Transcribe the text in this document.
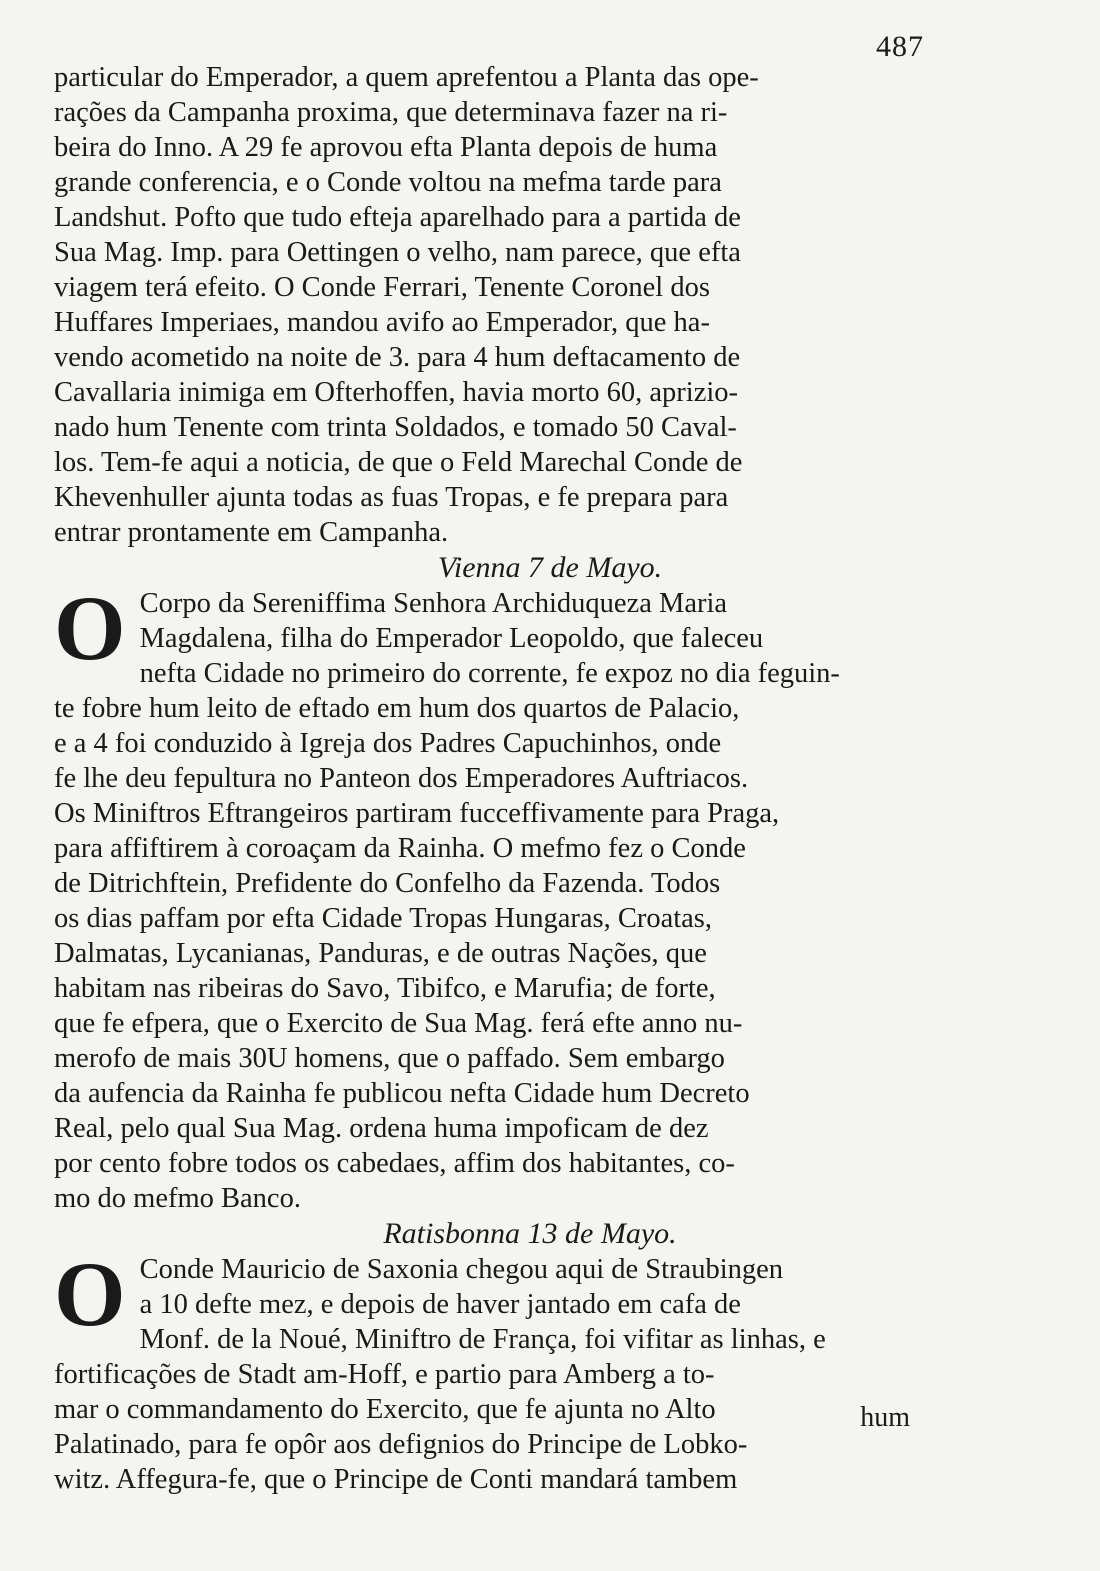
487
particular do Emperador, a quem aprefentou a Planta das ope-
rações da Campanha proxima, que determinava fazer na ri-
beira do Inno. A 29 fe aprovou efta Planta depois de huma
grande conferencia, e o Conde voltou na mefma tarde para
Landshut. Pofto que tudo efteja aparelhado para a partida de
Sua Mag. Imp. para Oettingen o velho, nam parece, que efta
viagem terá efeito. O Conde Ferrari, Tenente Coronel dos
Huffares Imperiaes, mandou avifo ao Emperador, que ha-
vendo acometido na noite de 3. para 4 hum deftacamento de
Cavallaria inimiga em Ofterhoffen, havia morto 60, aprizio-
nado hum Tenente com trinta Soldados, e tomado 50 Caval-
los. Tem-fe aqui a noticia, de que o Feld Marechal Conde de
Khevenhuller ajunta todas as fuas Tropas, e fe prepara para
entrar prontamente em Campanha.
Vienna 7 de Mayo.
O Corpo da Sereniffima Senhora Archiduqueza Maria
Magdalena, filha do Emperador Leopoldo, que faleceu
nefta Cidade no primeiro do corrente, fe expoz no dia feguin-
te fobre hum leito de eftado em hum dos quartos de Palacio,
e a 4 foi conduzido à Igreja dos Padres Capuchinhos, onde
fe lhe deu fepultura no Panteon dos Emperadores Auftriacos.
Os Miniftros Eftrangeiros partiram fucceffivamente para Praga,
para affiftirem à coroaçam da Rainha. O mefmo fez o Conde
de Ditrichftein, Prefidente do Confelho da Fazenda. Todos
os dias paffam por efta Cidade Tropas Hungaras, Croatas,
Dalmatas, Lycanianas, Panduras, e de outras Nações, que
habitam nas ribeiras do Savo, Tibifco, e Marufia; de forte,
que fe efpera, que o Exercito de Sua Mag. ferá efte anno nu-
merofo de mais 30U homens, que o paffado. Sem embargo
da aufencia da Rainha fe publicou nefta Cidade hum Decreto
Real, pelo qual Sua Mag. ordena huma impoficam de dez
por cento fobre todos os cabedaes, affim dos habitantes, co-
mo do mefmo Banco.
Ratisbonna 13 de Mayo.
O Conde Mauricio de Saxonia chegou aqui de Straubingen
a 10 defte mez, e depois de haver jantado em cafa de
Monf. de la Noué, Miniftro de França, foi vifitar as linhas, e
fortificações de Stadt am-Hoff, e partio para Amberg a to-
mar o commandamento do Exercito, que fe ajunta no Alto
Palatinado, para fe opôr aos defignios do Principe de Lobko-
witz. Affegura-fe, que o Principe de Conti mandará tambem
hum
